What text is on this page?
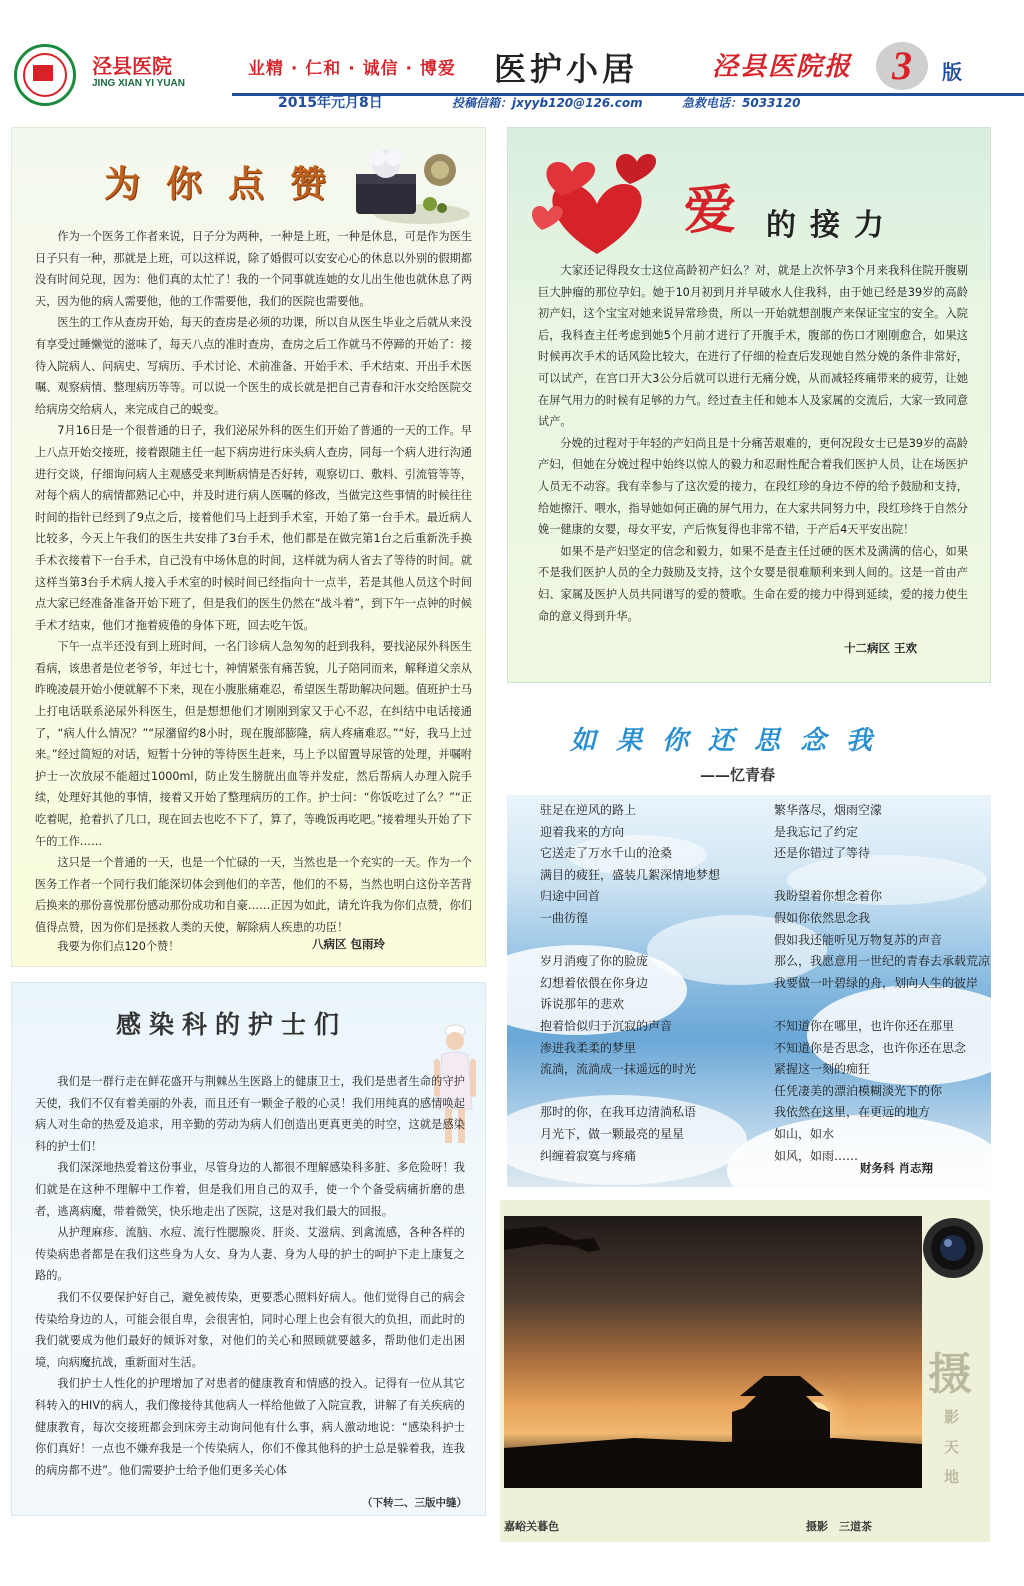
泾县医院
JING XIAN YI YUAN
业精 · 仁和 · 诚信 · 博爱 医护小居	泾县医院报 3	版
2015年元月8日	投稿信箱：jxyyb120@126.com	急救电话：5033120
为你点赞

作为一个医务工作者来说，日子分为两种，一种是上班，一种是休息，可是作为医生日子只有一种，那就是上班，可以这样说，除了婚假可以安安心心的休息以外别的假期都没有时间兑现，因为：他们真的太忙了！我的一个同事就连她的女儿出生他也就休息了两天，因为他的病人需要他，他的工作需要他，我们的医院也需要他。

医生的工作从查房开始，每天的查房是必须的功课，所以自从医生毕业之后就从来没有享受过睡懒觉的滋味了，每天八点的准时查房，查房之后工作就马不停蹄的开始了：接待入院病人、问病史、写病历、手术讨论、术前准备、开始手术、手术结束、开出手术医嘱、观察病情、整理病历等等。可以说一个医生的成长就是把自己青春和汗水交给医院交给病房交给病人，来完成自己的蜕变。

7月16日是一个很普通的日子，我们泌尿外科的医生们开始了普通的一天的工作。早上八点开始交接班，接着跟随主任一起下病房进行床头病人查房，同每一个病人进行沟通进行交谈，仔细询问病人主观感受来判断病情是否好转，观察切口、敷料、引流管等等，对每个病人的病情都熟记心中，并及时进行病人医嘱的修改，当做完这些事情的时候往往时间的指针已经到了9点之后，接着他们马上赶到手术室，开始了第一台手术。最近病人比较多，今天上午我们的医生共安排了3台手术，他们都是在做完第1台之后重新洗手换手术衣接着下一台手术，自己没有中场休息的时间，这样就为病人省去了等待的时间。就这样当第3台手术病人接入手术室的时候时间已经指向十一点半，若是其他人员这个时间点大家已经准备准备开始下班了，但是我们的医生仍然在“战斗着”，到下午一点钟的时候手术才结束，他们才拖着疲倦的身体下班，回去吃午饭。

下午一点半还没有到上班时间，一名门诊病人急匆匆的赶到我科，要找泌尿外科医生看病，该患者是位老爷爷，年过七十，神情紧张有痛苦貌，儿子陪同而来，解释道父亲从昨晚凌晨开始小便就解不下来，现在小腹胀痛难忍，希望医生帮助解决问题。值班护士马上打电话联系泌尿外科医生，但是想想他们才刚刚到家又于心不忍，在纠结中电话接通了，“病人什么情况？”“尿潴留约8小时，现在腹部膨隆，病人疼痛难忍。”“好，我马上过来。”经过简短的对话，短暂十分钟的等待医生赶来，马上予以留置导尿管的处理，并嘱咐护士一次放尿不能超过1000ml，防止发生膀胱出血等并发症，然后帮病人办理入院手续，处理好其他的事情，接着又开始了整理病历的工作。护士问：“你饭吃过了么？”“正吃着呢，抢着扒了几口，现在回去也吃不下了，算了，等晚饭再吃吧。”接着埋头开始了下午的工作……

这只是一个普通的一天，也是一个忙碌的一天，当然也是一个充实的一天。作为一个医务工作者一个同行我们能深切体会到他们的辛苦，他们的不易，当然也明白这份辛苦背后换来的那份喜悦那份感动那份成功和自豪……正因为如此，请允许我为你们点赞，你们值得点赞，因为你们是拯救人类的天使，解除病人疾患的功臣！

我要为你们点120个赞！	八病区 包雨玲
感染科的护士们

我们是一群行走在鲜花盛开与荆棘丛生医路上的健康卫士，我们是患者生命的守护天使，我们不仅有着美丽的外表，而且还有一颗金子般的心灵！我们用纯真的感情唤起病人对生命的热爱及追求，用辛勤的劳动为病人们创造出更真更美的时空，这就是感染科的护士们！

我们深深地热爱着这份事业，尽管身边的人都很不理解感染科多脏、多危险呀！我们就是在这种不理解中工作着，但是我们用自己的双手，使一个个备受病痛折磨的患者，逃离病魔，带着微笑，快乐地走出了医院，这是对我们最大的回报。

从护理麻疹、流脑、水痘、流行性腮腺炎、肝炎、艾滋病、到禽流感，各种各样的传染病患者都是在我们这些身为人女、身为人妻、身为人母的护士的呵护下走上康复之路的。

我们不仅要保护好自己，避免被传染，更要悉心照料好病人。他们觉得自己的病会传染给身边的人，可能会很自卑，会很害怕，同时心理上也会有很大的负担，而此时的我们就要成为他们最好的倾诉对象，对他们的关心和照顾就要越多，帮助他们走出困境，向病魔抗战，重新面对生活。

我们护士人性化的护理增加了对患者的健康教育和情感的投入。记得有一位从其它科转入的HIV的病人，我们像接待其他病人一样给他做了入院宣教，讲解了有关疾病的健康教育，每次交接班都会到床旁主动询问他有什么事，病人激动地说：“感染科护士你们真好！一点也不嫌弃我是一个传染病人，你们不像其他科的护士总是躲着我，连我的病房都不进”。他们需要护士给予他们更多关心体

（下转二、三版中缝）
爱 的接力

大家还记得段女士这位高龄初产妇么？对，就是上次怀孕3个月来我科住院开腹剔巨大肿瘤的那位孕妇。她于10月初到月并早破水人住我科，由于她已经是39岁的高龄初产妇，这个宝宝对她来说异常珍贵，所以一开始就想剖腹产来保证宝宝的安全。入院后，我科查主任考虑到她5个月前才进行了开腹手术，腹部的伤口才刚刚愈合，如果这时候再次手术的话风险比较大，在进行了仔细的检查后发现她自然分娩的条件非常好，可以试产，在宫口开大3公分后就可以进行无痛分娩，从而减轻疼痛带来的疲劳，让她在屏气用力的时候有足够的力气。经过查主任和她本人及家属的交流后，大家一致同意试产。

分娩的过程对于年轻的产妇尚且是十分痛苦艰难的，更何况段女士已是39岁的高龄产妇，但她在分娩过程中始终以惊人的毅力和忍耐性配合着我们医护人员，让在场医护人员无不动容。我有幸参与了这次爱的接力，在段红珍的身边不停的给予鼓励和支持，给她擦汗、喂水，指导她如何正确的屏气用力，在大家共同努力中，段红珍终于自然分娩一健康的女婴，母女平安，产后恢复得也非常不错，于产后4天平安出院！

如果不是产妇坚定的信念和毅力，如果不是查主任过硬的医术及满满的信心，如果不是我们医护人员的全力鼓励及支持，这个女婴是很难顺利来到人间的。这是一首由产妇、家属及医护人员共同谱写的爱的赞歌。生命在爱的接力中得到延续，爱的接力使生命的意义得到升华。

十二病区 王欢
如果你还思念我
——忆青春
驻足在逆风的路上
迎着我来的方向
它送走了万水千山的沧桑
满目的疲狂，盛装几絮深情地梦想
归途中回首
一曲彷徨
岁月消瘦了你的脸庞
幻想着依偎在你身边
诉说那年的悲欢
抱着恰似归于沉寂的声音
渗进我柔柔的梦里
流淌，流淌成一抹遥远的时光
那时的你，在我耳边清淌私语
月光下，做一颗最亮的星星
纠缠着寂寞与疼痛
繁华落尽，烟雨空濛
是我忘记了约定
还是你错过了等待
我盼望着你想念着你
假如你依然思念我
假如我还能听见万物复苏的声音
那么，我愿意用一世纪的青春去承载荒凉
我要做一叶碧绿的舟，划向人生的彼岸
不知道你在哪里，也许你还在那里
不知道你是否思念，也许你还在思念
紧握这一刻的痴狂
任凭凄美的漂泊模糊淡光下的你
我依然在这里，在更远的地方
如山，如水
如风，如雨……
财务科 肖志翔
嘉峪关暮色	摄影　三道茶
摄
影天地
